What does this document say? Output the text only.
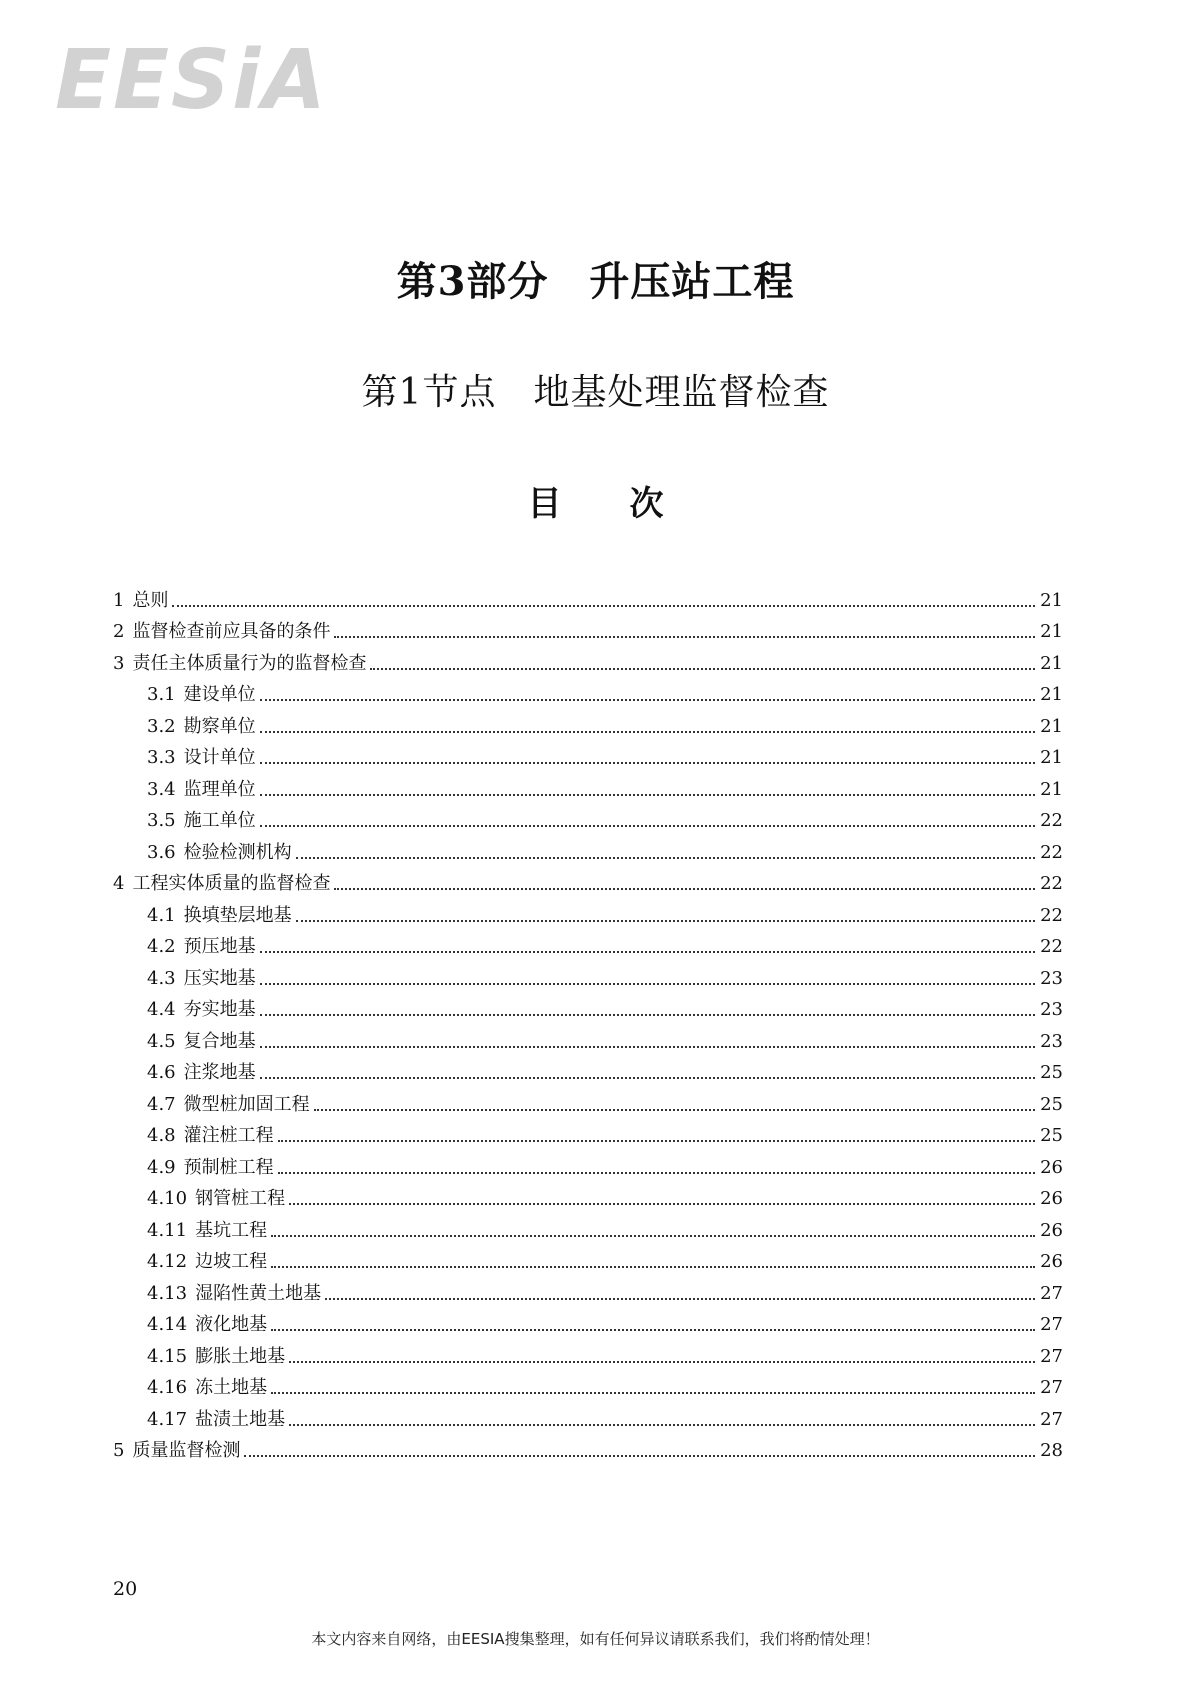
EESiA
第3部分　升压站工程
第1节点　地基处理监督检查
目　　次
1 总则	21
2 监督检查前应具备的条件	21
3 责任主体质量行为的监督检查	21
3.1 建设单位	21
3.2 勘察单位	21
3.3 设计单位	21
3.4 监理单位	21
3.5 施工单位	22
3.6 检验检测机构	22
4 工程实体质量的监督检查	22
4.1 换填垫层地基	22
4.2 预压地基	22
4.3 压实地基	23
4.4 夯实地基	23
4.5 复合地基	23
4.6 注浆地基	25
4.7 微型桩加固工程	25
4.8 灌注桩工程	25
4.9 预制桩工程	26
4.10 钢管桩工程	26
4.11 基坑工程	26
4.12 边坡工程	26
4.13 湿陷性黄土地基	27
4.14 液化地基	27
4.15 膨胀土地基	27
4.16 冻土地基	27
4.17 盐渍土地基	27
5 质量监督检测	28
20
本文内容来自网络，由EESIA搜集整理，如有任何异议请联系我们，我们将酌情处理！
